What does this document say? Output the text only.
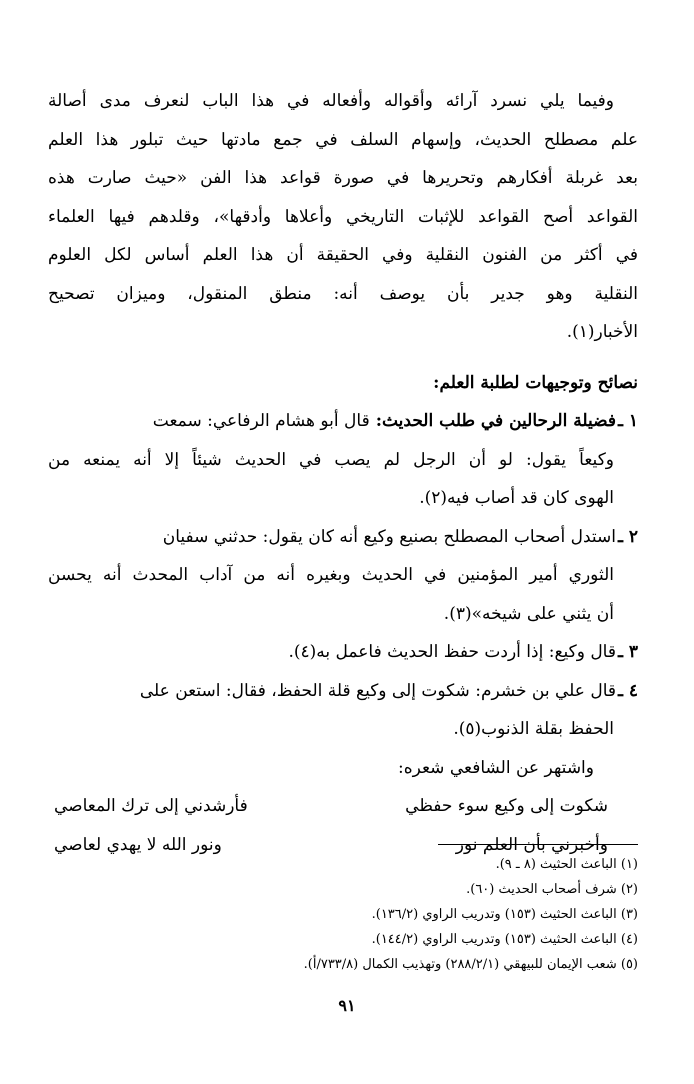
وفيما يلي نسرد آرائه وأقواله وأفعاله في هذا الباب لنعرف مدى أصالة
علم مصطلح الحديث، وإسهام السلف في جمع مادتها حيث تبلور هذا العلم
بعد غربلة أفكارهم وتحريرها في صورة قواعد هذا الفن «حيث صارت هذه
القواعد أصح القواعد للإثبات التاريخي وأعلاها وأدقها»، وقلدهم فيها العلماء
في أكثر من الفنون النقلية وفي الحقيقة أن هذا العلم أساس لكل العلوم
النقلية وهو جدير بأن يوصف أنه: منطق المنقول، وميزان تصحيح
الأخبار(١).
نصائح وتوجيهات لطلبة العلم:
١ ـ
فضيلة الرحالين في طلب الحديث:
قال أبو هشام الرفاعي: سمعت
وكيعاً يقول: لو أن الرجل لم يصب في الحديث شيئاً إلا أنه يمنعه من
الهوى كان قد أصاب فيه(٢).
٢ ـ
استدل أصحاب المصطلح بصنيع وكيع أنه كان يقول: حدثني سفيان
الثوري أمير المؤمنين في الحديث وبغيره أنه من آداب المحدث أنه يحسن
أن يثني على شيخه»(٣).
٣ ـ
قال وكيع: إذا أردت حفظ الحديث فاعمل به(٤).
٤ ـ
قال علي بن خشرم: شكوت إلى وكيع قلة الحفظ، فقال: استعن على
الحفظ بقلة الذنوب(٥).
واشتهر عن الشافعي شعره:
شكوت إلى وكيع سوء حفظي
فأرشدني إلى ترك المعاصي
وأخبرني بأن العلم نور
ونور الله لا يهدي لعاصي
(١) الباعث الحثيث (٨ ـ ٩).
(٢) شرف أصحاب الحديث (٦٠).
(٣) الباعث الحثيث (١٥٣) وتدريب الراوي (١٣٦/٢).
(٤) الباعث الحثيث (١٥٣) وتدريب الراوي (١٤٤/٢).
(٥) شعب الإيمان للبيهقي (٢٨٨/٢/١) وتهذيب الكمال (٧٣٣/٨/أ).
٩١
